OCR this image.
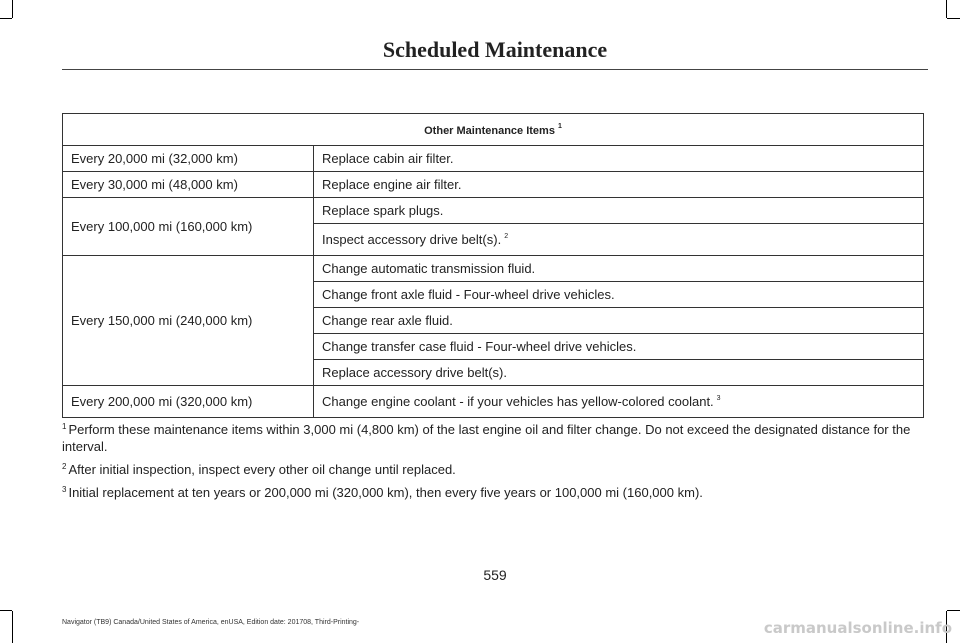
Scheduled Maintenance
Other Maintenance Items $^1$
Every 20,000 mi (32,000 km)	Replace cabin air filter.
Every 30,000 mi (48,000 km)	Replace engine air filter.
Every 100,000 mi (160,000 km)	Replace spark plugs.
	Inspect accessory drive belt(s). $^2$
Every 150,000 mi (240,000 km)	Change automatic transmission fluid.
	Change front axle fluid - Four-wheel drive vehicles.
	Change rear axle fluid.
	Change transfer case fluid - Four-wheel drive vehicles.
	Replace accessory drive belt(s).
Every 200,000 mi (320,000 km)	Change engine coolant - if your vehicles has yellow-colored coolant. $^3$

$^1$ Perform these maintenance items within 3,000 mi (4,800 km) of the last engine oil and filter change. Do not exceed the designated distance for the interval.

$^2$ After initial inspection, inspect every other oil change until replaced.

$^3$ Initial replacement at ten years or 200,000 mi (320,000 km), then every five years or 100,000 mi (160,000 km).

559
Navigator (TB9) Canada/United States of America, enUSA, Edition date: 201708, Third-Printing-	carmanualsonline.info
